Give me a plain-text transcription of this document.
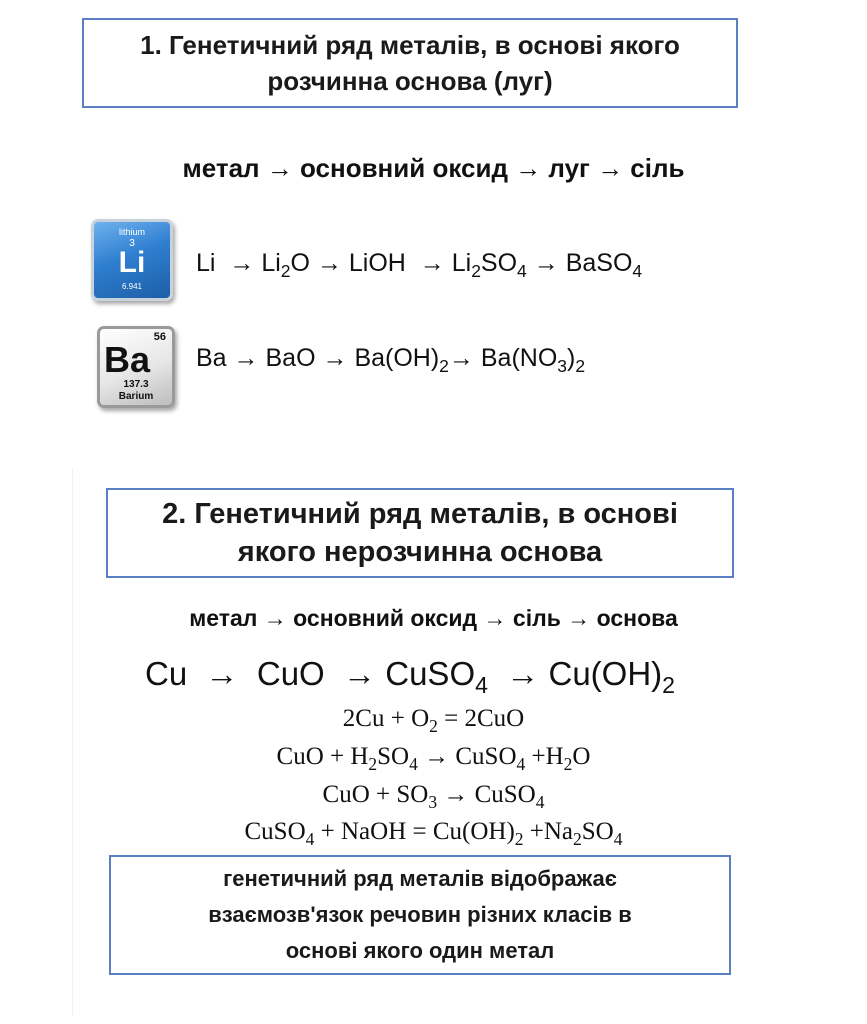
1. Генетичний ряд металів, в основі якого
розчинна основа (луг)
метал → основний оксид → луг → сіль
lithium
3
Li
6.941
$Li \to Li_2O$ → LiOH → $Li_2SO_4$ → BaSO$_4$
56
Ba
137.3
Barium
Ba → BaO → $Ba(OH)_2\to Ba(NO_3)_2$
2. Генетичний ряд металів, в основі
якого нерозчинна основа
метал → основний оксид → сіль → основа
Cu → CuO → CuSO$_4$ → $Cu(OH)_2$
$2Cu + O_2 = 2CuO$
CuO + $H_2SO_4$ → CuSO$_4$ $+H_2O$
CuO + $SO_3$ → CuSO$_4$
CuSO$_4$ + NaOH = $Cu(OH)_2 +Na_2SO_4$
генетичний ряд металів відображає
взаємозв'язок речовин різних класів в
основі якого один метал
